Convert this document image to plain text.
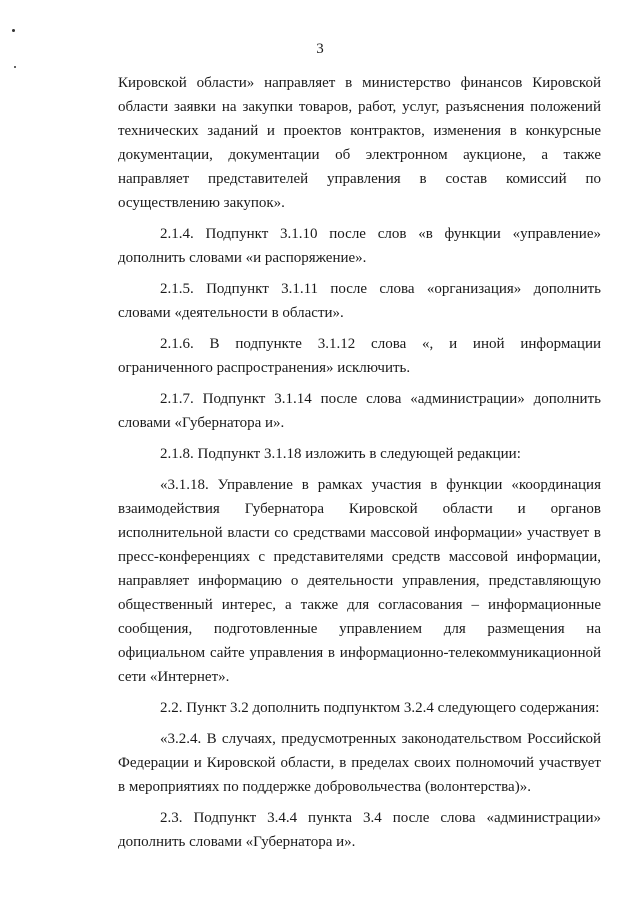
3

Кировской области» направляет в министерство финансов Кировской области заявки на закупки товаров, работ, услуг, разъяснения положений технических заданий и проектов контрактов, изменения в конкурсные документации, документации об электронном аукционе, а также направляет представителей управления в состав комиссий по осуществлению закупок».

2.1.4. Подпункт 3.1.10 после слов «в функции «управление» дополнить словами «и распоряжение».

2.1.5. Подпункт 3.1.11 после слова «организация» дополнить словами «деятельности в области».

2.1.6. В подпункте 3.1.12 слова «, и иной информации ограниченного распространения» исключить.

2.1.7. Подпункт 3.1.14 после слова «администрации» дополнить словами «Губернатора и».

2.1.8. Подпункт 3.1.18 изложить в следующей редакции:

«3.1.18. Управление в рамках участия в функции «координация взаимодействия Губернатора Кировской области и органов исполнительной власти со средствами массовой информации» участвует в пресс-конференциях с представителями средств массовой информации, направляет информацию о деятельности управления, представляющую общественный интерес, а также для согласования – информационные сообщения, подготовленные управлением для размещения на официальном сайте управления в информационно-телекоммуникационной сети «Интернет».

2.2. Пункт 3.2 дополнить подпунктом 3.2.4 следующего содержания:

«3.2.4. В случаях, предусмотренных законодательством Российской Федерации и Кировской области, в пределах своих полномочий участвует в мероприятиях по поддержке добровольчества (волонтерства)».

2.3. Подпункт 3.4.4 пункта 3.4 после слова «администрации» дополнить словами «Губернатора и».
